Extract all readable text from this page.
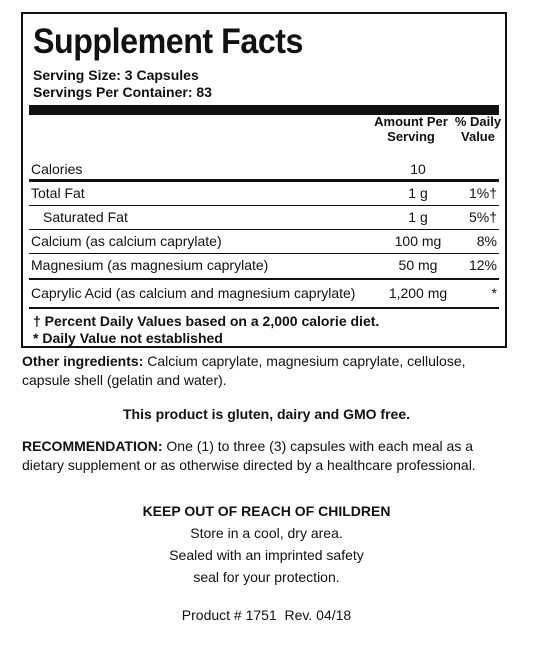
Supplement Facts
Serving Size: 3 Capsules
Servings Per Container: 83
Amount Per
Serving
% Daily
Value
Calories	10
Total Fat	1 g	1%†
Saturated Fat	1 g	5%†
Calcium (as calcium caprylate)	100 mg	8%
Magnesium (as magnesium caprylate)	50 mg	12%
Caprylic Acid (as calcium and magnesium caprylate)	1,200 mg	*
† Percent Daily Values based on a 2,000 calorie diet.
* Daily Value not established
Other ingredients: Calcium caprylate, magnesium caprylate, cellulose, capsule shell (gelatin and water).
This product is gluten, dairy and GMO free.
RECOMMENDATION: One (1) to three (3) capsules with each meal as a dietary supplement or as otherwise directed by a healthcare professional.
KEEP OUT OF REACH OF CHILDREN
Store in a cool, dry area.
Sealed with an imprinted safety
seal for your protection.
Product # 1751  Rev. 04/18
